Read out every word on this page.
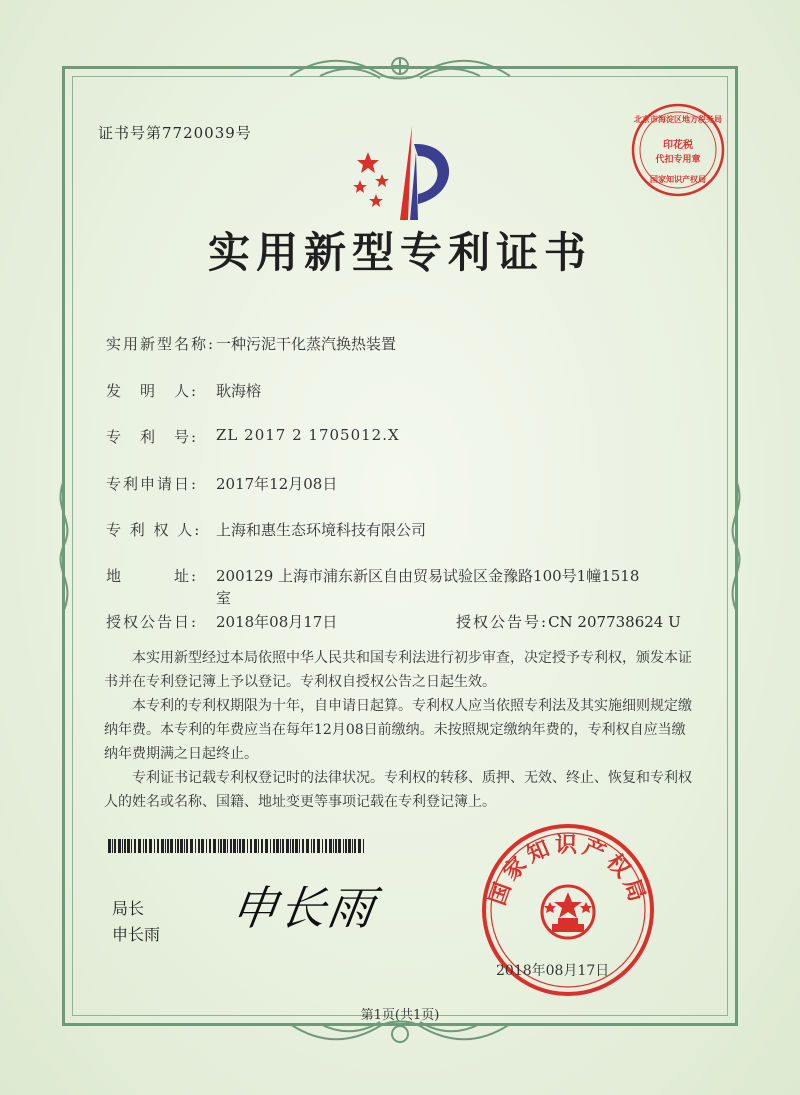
证书号第7720039号
北京市海淀区地方税务局
印花税
代扣专用章
国家知识产权局
实用新型专利证书
实用新型名称:一种污泥干化蒸汽换热装置
发　明　人: 耿海榕
专　利　号: ZL 2017 2 1705012.X
专利申请日: 2017年12月08日
专 利 权 人: 上海和惠生态环境科技有限公司
地　　　址: 200129 上海市浦东新区自由贸易试验区金豫路100号1幢1518室
授权公告日: 2018年08月17日	授权公告号:CN 207738624 U

本实用新型经过本局依照中华人民共和国专利法进行初步审查，决定授予专利权，颁发本证书并在专利登记簿上予以登记。专利权自授权公告之日起生效。

本专利的专利权期限为十年，自申请日起算。专利权人应当依照专利法及其实施细则规定缴纳年费。本专利的年费应当在每年12月08日前缴纳。未按照规定缴纳年费的，专利权自应当缴纳年费期满之日起终止。

专利证书记载专利权登记时的法律状况。专利权的转移、质押、无效、终止、恢复和专利权人的姓名或名称、国籍、地址变更等事项记载在专利登记簿上。

局长
申长雨 申长雨	国家知识产权局
2018年08月17日
第1页(共1页)
